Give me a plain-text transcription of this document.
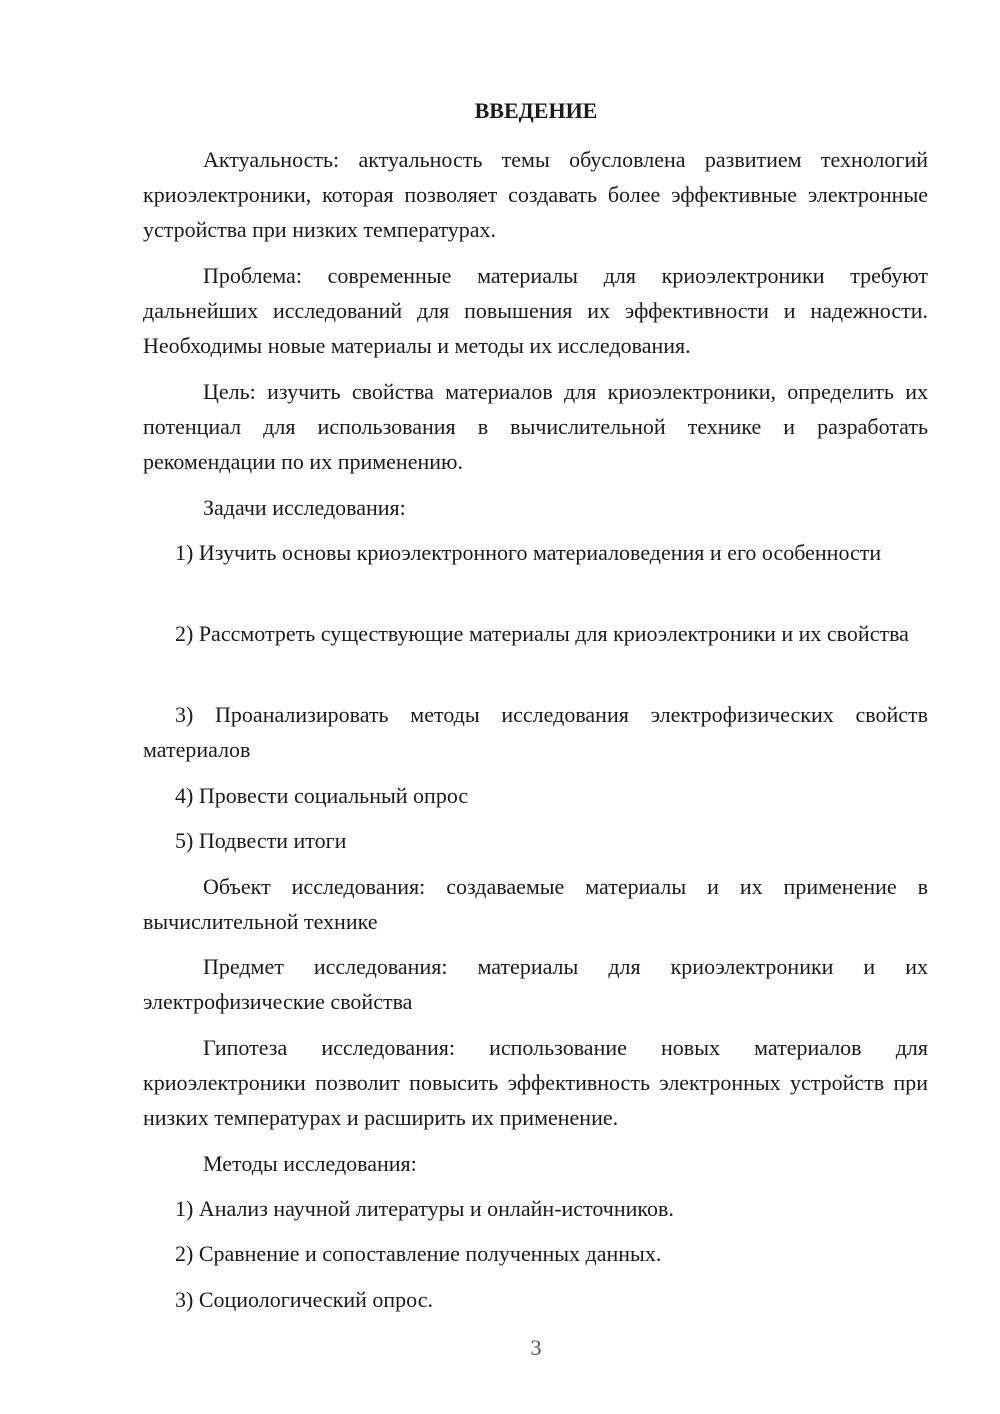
ВВЕДЕНИЕ

Актуальность: актуальность темы обусловлена развитием технологий криоэлектроники, которая позволяет создавать более эффективные электронные устройства при низких температурах.

Проблема: современные материалы для криоэлектроники требуют дальнейших исследований для повышения их эффективности и надежности. Необходимы новые материалы и методы их исследования.

Цель: изучить свойства материалов для криоэлектроники, определить их потенциал для использования в вычислительной технике и разработать рекомендации по их применению.

Задачи исследования:

1) Изучить основы криоэлектронного материаловедения и его особенности

2) Рассмотреть существующие материалы для криоэлектроники и их свойства

3) Проанализировать методы исследования электрофизических свойств материалов

4) Провести социальный опрос

5) Подвести итоги

Объект исследования: создаваемые материалы и их применение в вычислительной технике

Предмет исследования: материалы для криоэлектроники и их электрофизические свойства

Гипотеза исследования: использование новых материалов для криоэлектроники позволит повысить эффективность электронных устройств при низких температурах и расширить их применение.

Методы исследования:

1) Анализ научной литературы и онлайн-источников.

2) Сравнение и сопоставление полученных данных.

3) Социологический опрос.

3
